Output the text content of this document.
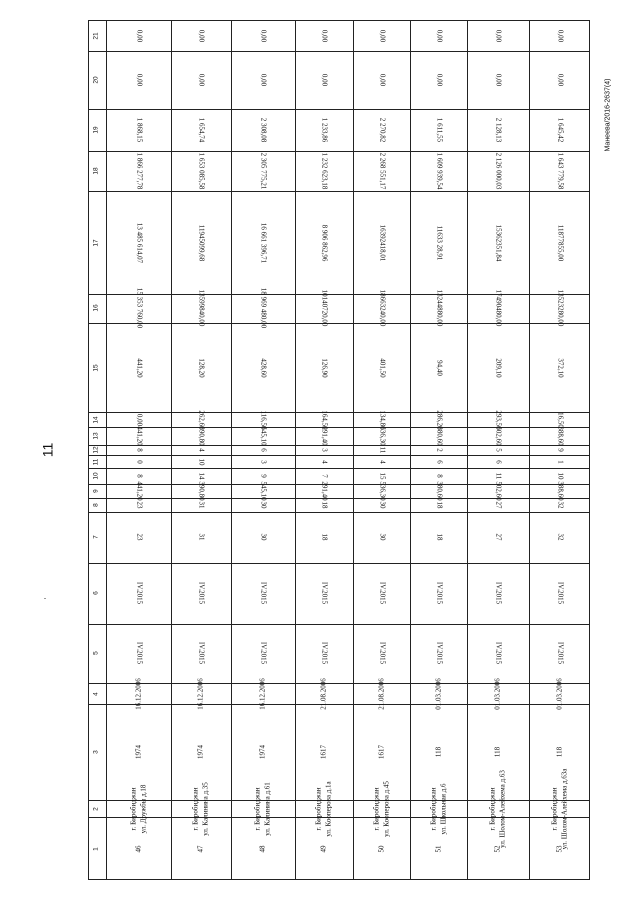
11
Манеева/2016-2637(4)
1
2
3
4
5
6
7
8
9
10
11
12
13
14
15
16
17
18
19
20
21
46
г. Биробиджан ул. Дружбы д.18
1974
16.12.2006
IV.2015
IV.2015
23
23
441,20
8
0
8
441,20
0,00
441,20
15 353 760,00
13 485 614,07
1 866 277,78
1 868,15
0,00
0,00
47
г. Биробиджан ул. Калинина д.35
1974
16.12.2006
IV.2015
IV.2015
31
31
390,80
14
10
4
390,80
262,60
128,20
13599840,00
11945099,68
1 653 085,58
1 654,74
0,00
0,00
48
г. Биробиджан ул. Калинина д.61
1974
16.12.2006
IV.2015
IV.2015
30
30
545,10
9
3
6
545,10
116,50
428,60
18 969 480,00
16 661 396,71
2 305 775,21
2 308,08
0,00
0,00
49
г. Биробиджан ул. Кооперова д.1а
1617
21.08.2006
IV.2015
IV.2015
18
18
291,40
7
4
3
291,40
164,50
126,90
10140720,00
8 906 862,96
1 232 623,18
1 233,86
0,00
0,00
50
г. Биробиджан ул. Кооперова д.45
1617
21.08.2006
IV.2015
IV.2015
30
30
536,30
15
4
11
536,30
134,80
401,50
18663240,00
16392418,01
2 268 551,17
2 270,82
0,00
0,00
51
г. Биробиджан ул. Школьная д.6
118
01.03.2006
IV.2015
IV.2015
18
18
380,60
8
6
2
380,60
286,20
94,40
13244880,00
11633 28,91
1 609 939,54
1 611,55
0,00
0,00
52
г. Биробиджан ул. Шолом-Алейхема д.63
118
01.03.2006
IV.2015
IV.2015
27
27
502,60
11
6
5
502,60
293,50
209,10
17490480,00
15362351,84
2 126 000,03
2 128,13
0,00
0,00
53
г. Биробиджан ул. Шолом-Алейхема д.63а
118
01.03.2006
IV.2015
IV.2015
32
32
388,60
10
1
9
388,60
16,50
372,10
13523280,00
11877855,00
1 643 779,58
1 645,42
0,00
0,00
